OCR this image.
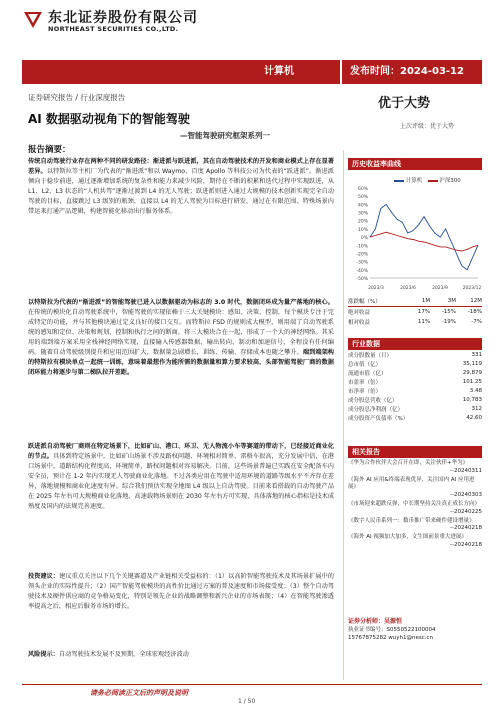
东北证券股份有限公司
NORTHEAST SECURITIES CO.,LTD.
计算机	发布时间：2024-03-12
证券研究报告 / 行业深度报告	优于大势
上次评级：优于大势
AI 数据驱动视角下的智能驾驶
—智能驾驶研究框架系列一
报告摘要：
传统自动驾驶行业存在两种不同的研发路径：渐进派与跃进派，其在自动驾驶技术的开发和商业模式上存在显著差异。以特斯拉等主机厂为代表的“渐进派”和以 Waymo、百度 Apollo 等科技公司为代表的“跃进派”。渐进派倾向于稳步前进，通过逐渐增加系统的复杂性和能力来减少风险，期待在不断的积累和迭代过程中实现跃进，从 L1、L2、L3 状态的“人机共驾”逐渐过渡到 L4 的无人驾驶；跃进派则进入通过大规模的技术创新实现完全自动驾驶的目标，直接跳过 L3 级别的瓶颈，直接以 L4 的无人驾驶为目标进行研发，通过在有限范围、特殊场景内带运来打通产品逻辑，构建智能化移动出行服务体系。
以特斯拉为代表的“渐进派”的智能驾驶已进入以数据驱动为标志的 3.0 时代，数据闭环成为量产落地的核心。在传统的模块化自动驾驶系统中，智能驾驶的实现依赖于三大关键模块：感知、决策、控制，每个模块专注于完成特定的功能，并与其他模块通过定义良好的接口交互。而特斯拉 FSD 的规则成大模型，则用端了自动驾驶系统的感知和定位、决策和规划、控制和执行之间的断商，将三大模块合在一起，形成了一个大的神经网络。其采用的端到端方案采用全栈神经网络实现，直接输入传感器数据，输出转向、制动和加速信号，全程没有任何编码。随着自动驾驶级别提升和应用范围扩大，数据量急剧增长，训练、传输、存储成本也随之攀升。端到端架构的特斯拉有模块单点一起统一训练，意味着最想作为能所需的数据量和算力要求较高，头部智能驾驶厂商的数据闭环能力将逐步与第二梯队拉开差距。
跃进派自动驾驶厂商则在特定场景下，比如矿山、港口、环卫、无人物流小车等赛道的带动下，已经接近商业化的节点。具体到特定场景中，比如矿山场景不涉及路权问题、环境相对简单、雷格车很高，充分发展中信，在港口场景中，道路结构化程度高，环境简单，路权问题相对容易解决。目前，这些场景普遍已实践在安全配备车内安全员，预计在 1-2 年内实现无人驾驶商业化落地。不过各类应用在驾驶中适用环境的道路等级水平不齐存在差异，落地规模和商业化速度有异。综合我们预估实现全地图 L4 级以上自动驾驶。目前来看搭载的自动驾驶产品在 2025 年左右可大规模商业化落地，高速载物场景则在 2030 年左右方可实现，具体落地的核心指标是技术成熟度及国内的法规完善速度。
投资建议：建议重点关注以下几个关键赛道及产业链相关受益标的：（1）以高阶智能驾驶技术及其场景扩展中的领头企业的实际性提升；（2）国产智能驾驶模块的高性价比通过方案的普及速度和市场接受度；（3）整个自动驾驶技术及硬件供应商的竞争格局变化，特别是领先企业的战略调整和新兴企业的市场表现；（4）在智能驾驶渗透率提高之后，相应后服务市场的增长。
风险提示：自动驾驶技术发展不及预期，全球宏观经济波动
历史收益率曲线
计算机	沪深300
60%
50%
40%
30%
20%
10%
0%
-10%
-20%
-30%
-40%
-50%
2023/3	2023/6	2023/9	2023/12
涨跌幅（%）	1M	3M	12M
绝对收益	17%	-15%	-18%
相对收益	11%	-19%	-7%
行业数据
成分股数量（只）	331
总市值（亿）	35,119
流通市值（亿）	29,879
市盈率（倍）	101.25
市净率（倍）	3.48
成分股总营收（亿）	10,783
成分股总净利润（亿）	312
成分股资产负债率（%）	42.60
相关报告
《华为合作伙伴大会召开在即，关注伙伴+华为》
--20240311
《海外 AI 应用&终端表现优异，关注国内 AI 应用进展》
--20240303
《市场迎来超跌反弹，中长期坚持关注真正成长方向》
--20240225
《数字人民币系列一：数币推广带来硬件建设增量》
--20240218
《海外 AI 视频加大加多，文生图前景重大进展》
--20240218
证券分析师：吴源恒
执业证书编号：S0550522100004
15767875282 wuyh1@nesc.cn
请务必阅读正文后的声明及说明
1 / 50
